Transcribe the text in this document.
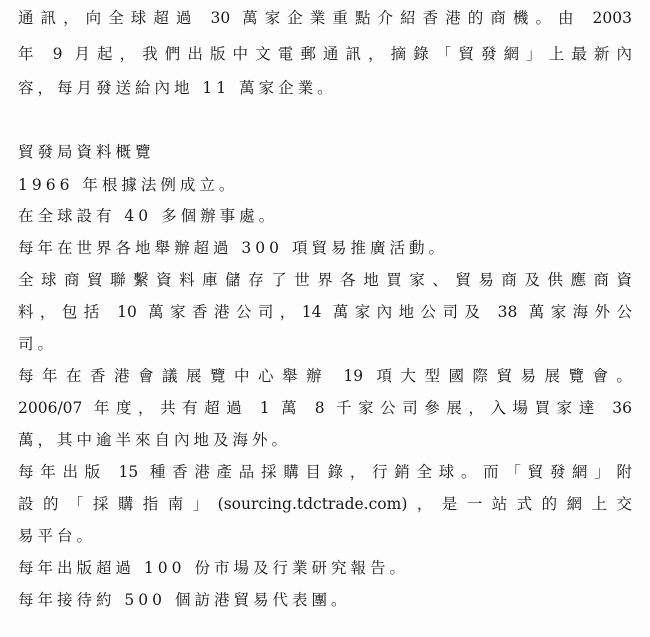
通訊，向全球超過 30 萬家企業重點介紹香港的商機。由 2003
年 9 月起，我們出版中文電郵通訊，摘錄「貿發網」上最新內
容，每月發送給內地 11 萬家企業。
貿發局資料概覽
1966 年根據法例成立。
在全球設有 40 多個辦事處。
每年在世界各地舉辦超過 300 項貿易推廣活動。
全球商貿聯繫資料庫儲存了世界各地買家、貿易商及供應商資
料，包括 10 萬家香港公司，14 萬家內地公司及 38 萬家海外公
司。
每年在香港會議展覽中心舉辦 19 項大型國際貿易展覽會。
2006/07 年度，共有超過 1 萬 8 千家公司參展，入場買家達 36
萬，其中逾半來自內地及海外。
每年出版 15 種香港產品採購目錄，行銷全球。而「貿發網」附
設的「採購指南」(sourcing.tdctrade.com)，是一站式的網上交
易平台。
每年出版超過 100 份市場及行業研究報告。
每年接待約 500 個訪港貿易代表團。
